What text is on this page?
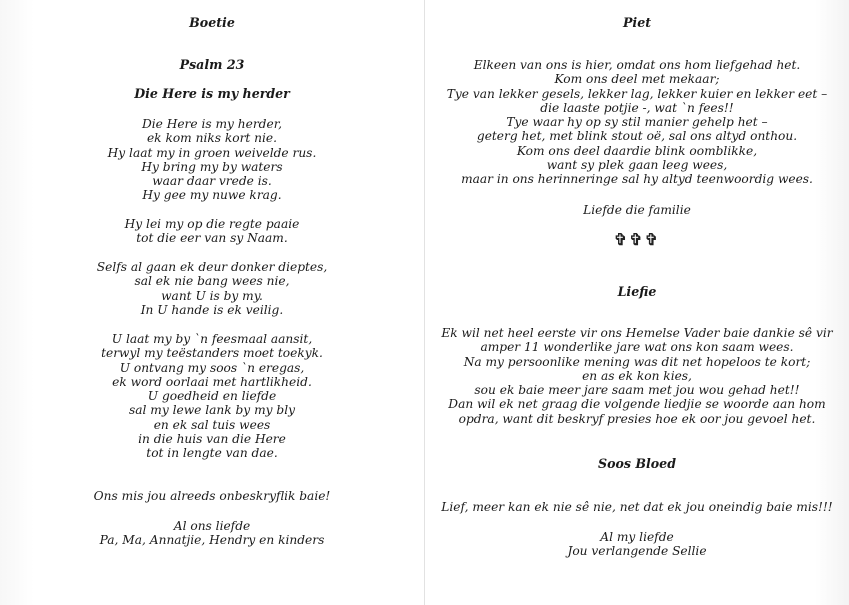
Boetie

Psalm 23

Die Here is my herder

Die Here is my herder,

ek kom niks kort nie.

Hy laat my in groen weivelde rus.

Hy bring my by waters

waar daar vrede is.

Hy gee my nuwe krag.

Hy lei my op die regte paaie

tot die eer van sy Naam.

Selfs al gaan ek deur donker dieptes,

sal ek nie bang wees nie,

want U is by my.

In U hande is ek veilig.

U laat my by `n feesmaal aansit,

terwyl my teëstanders moet toekyk.

U ontvang my soos `n eregas,

ek word oorlaai met hartlikheid.

U goedheid en liefde

sal my lewe lank by my bly

en ek sal tuis wees

in die huis van die Here

tot in lengte van dae.

Ons mis jou alreeds onbeskryflik baie!

Al ons liefde

Pa, Ma, Annatjie, Hendry en kinders

Piet

Elkeen van ons is hier, omdat ons hom liefgehad het.

Kom ons deel met mekaar;

Tye van lekker gesels, lekker lag, lekker kuier en lekker eet –

die laaste potjie -, wat `n fees!!

Tye waar hy op sy stil manier gehelp het –

geterg het, met blink stout oë, sal ons altyd onthou.

Kom ons deel daardie blink oomblikke,

want sy plek gaan leeg wees,

maar in ons herinneringe sal hy altyd teenwoordig wees.

Liefde die familie

✞✞✞

Liefie

Ek wil net heel eerste vir ons Hemelse Vader baie dankie sê vir

amper 11 wonderlike jare wat ons kon saam wees.

Na my persoonlike mening was dit net hopeloos te kort;

en as ek kon kies,

sou ek baie meer jare saam met jou wou gehad het!!

Dan wil ek net graag die volgende liedjie se woorde aan hom

opdra, want dit beskryf presies hoe ek oor jou gevoel het.

Soos Bloed

Lief, meer kan ek nie sê nie, net dat ek jou oneindig baie mis!!!

Al my liefde

Jou verlangende Sellie
